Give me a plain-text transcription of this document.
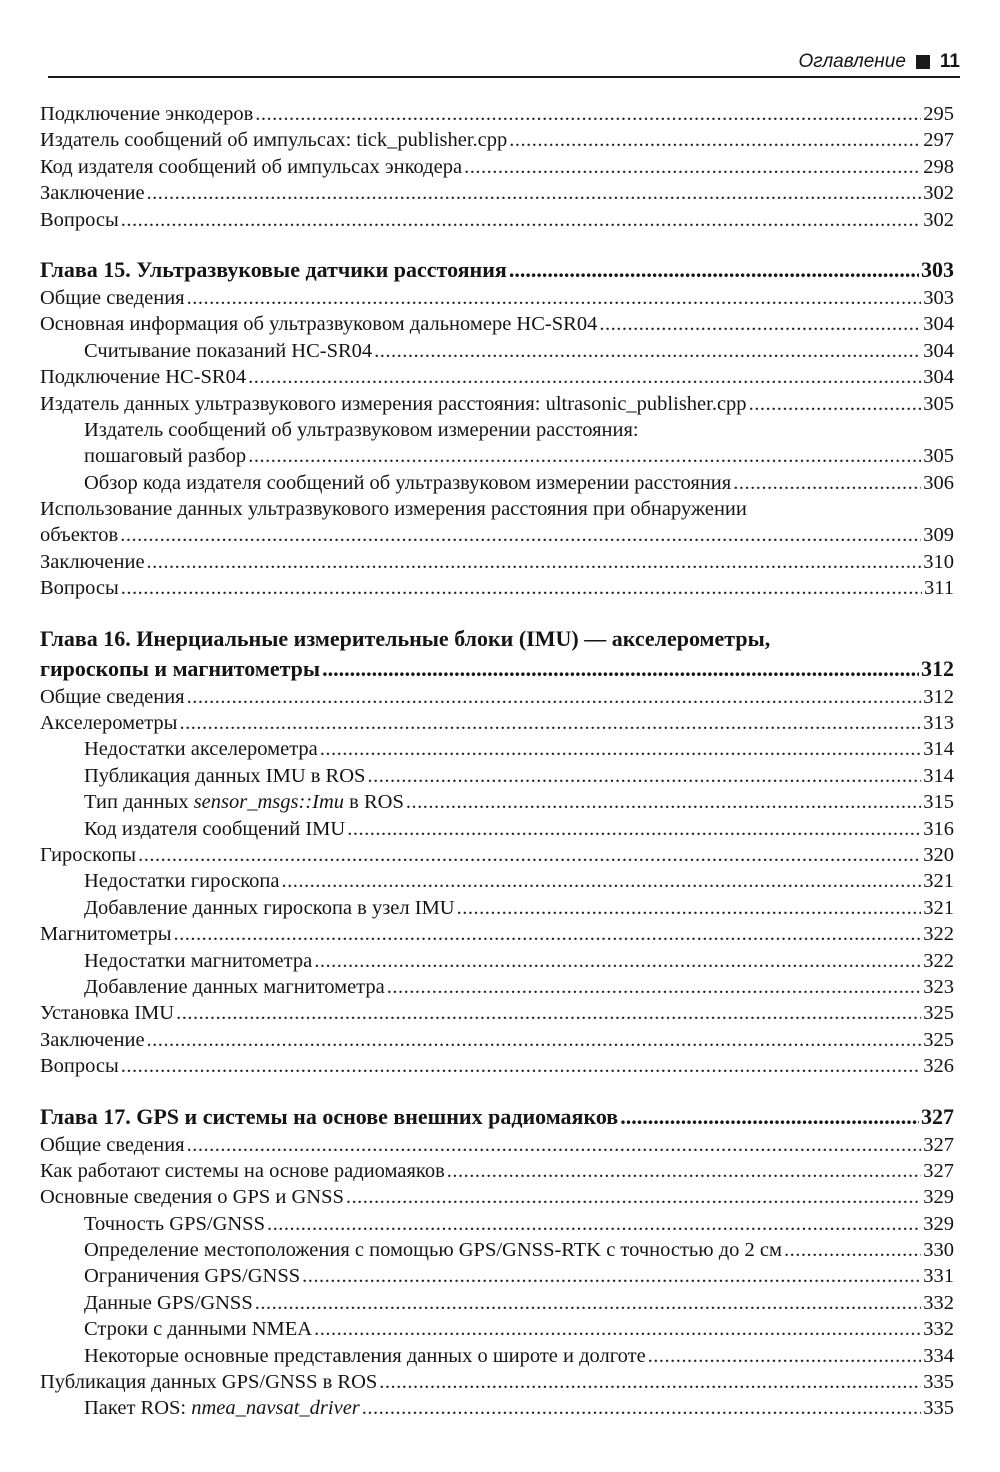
Оглавление 11
Подключение энкодеров .....	295
Издатель сообщений об импульсах: tick_publisher.cpp .....	297
Код издателя сообщений об импульсах энкодера .....	298
Заключение .....	302
Вопросы .....	302
Глава 15. Ультразвуковые датчики расстояния .....	303
Общие сведения .....	303
Основная информация об ультразвуковом дальномере HC-SR04 .....	304
Считывание показаний HC-SR04 .....	304
Подключение HC-SR04 .....	304
Издатель данных ультразвукового измерения расстояния: ultrasonic_publisher.cpp .....	305
Издатель сообщений об ультразвуковом измерении расстояния:
пошаговый разбор .....	305
Обзор кода издателя сообщений об ультразвуковом измерении расстояния .....	306
Использование данных ультразвукового измерения расстояния при обнаружении
объектов .....	309
Заключение .....	310
Вопросы .....	311
Глава 16. Инерциальные измерительные блоки (IMU) — акселерометры,
гироскопы и магнитометры .....	312
Общие сведения .....	312
Акселерометры .....	313
Недостатки акселерометра .....	314
Публикация данных IMU в ROS .....	314
Тип данных sensor_msgs::Imu в ROS .....	315
Код издателя сообщений IMU .....	316
Гироскопы .....	320
Недостатки гироскопа .....	321
Добавление данных гироскопа в узел IMU .....	321
Магнитометры .....	322
Недостатки магнитометра .....	322
Добавление данных магнитометра .....	323
Установка IMU .....	325
Заключение .....	325
Вопросы .....	326
Глава 17. GPS и системы на основе внешних радиомаяков .....	327
Общие сведения .....	327
Как работают системы на основе радиомаяков .....	327
Основные сведения о GPS и GNSS .....	329
Точность GPS/GNSS .....	329
Определение местоположения с помощью GPS/GNSS-RTK с точностью до 2 см .....	330
Ограничения GPS/GNSS .....	331
Данные GPS/GNSS .....	332
Строки с данными NMEA .....	332
Некоторые основные представления данных о широте и долготе .....	334
Публикация данных GPS/GNSS в ROS .....	335
Пакет ROS: nmea_navsat_driver .....	335
